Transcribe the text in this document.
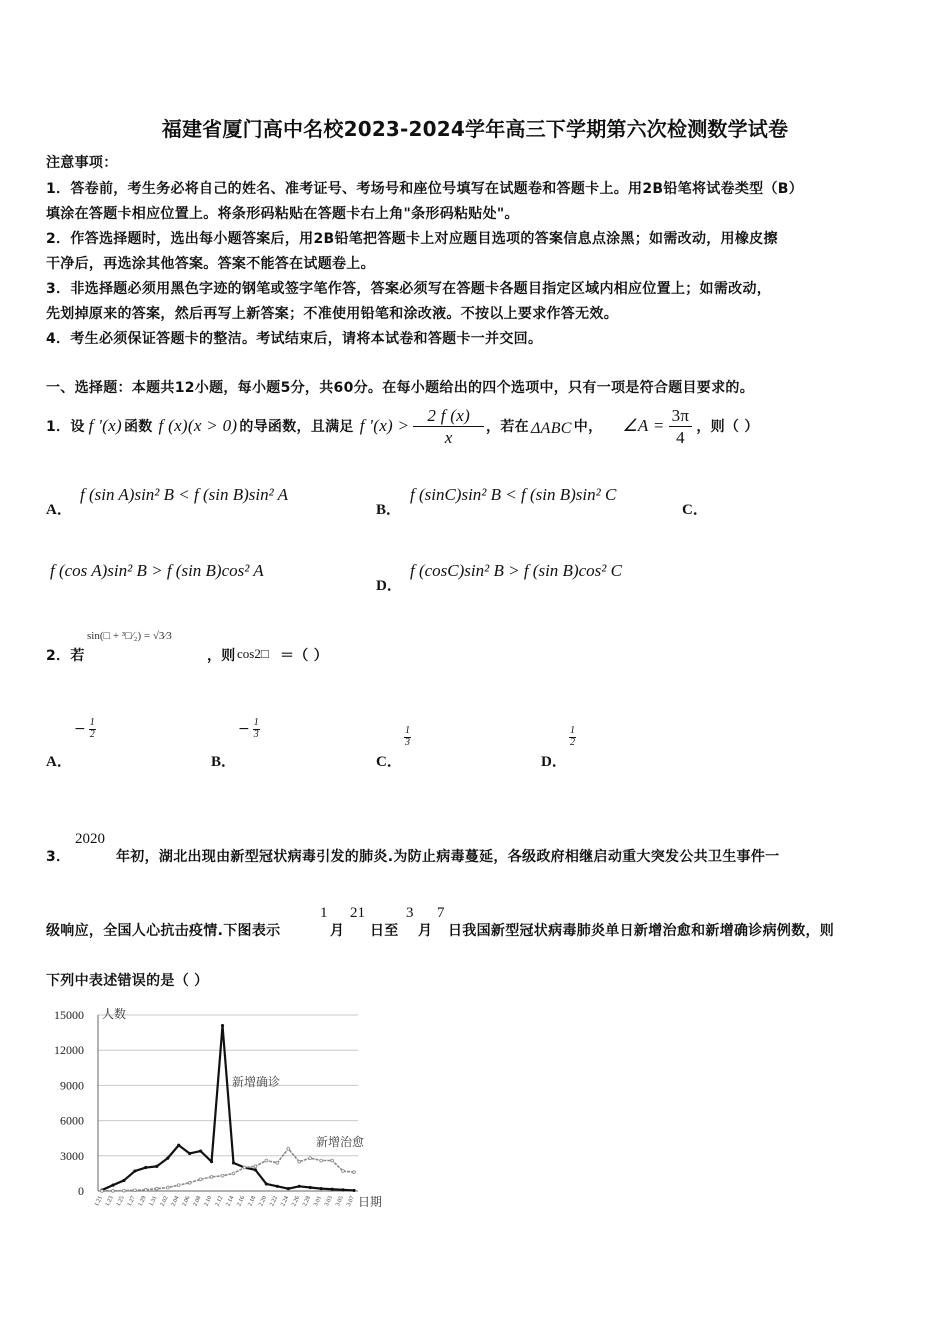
福建省厦门高中名校2023-2024学年高三下学期第六次检测数学试卷
注意事项：
1．答卷前，考生务必将自己的姓名、准考证号、考场号和座位号填写在试题卷和答题卡上。用2B铅笔将试卷类型（B）
填涂在答题卡相应位置上。将条形码粘贴在答题卡右上角"条形码粘贴处"。
2．作答选择题时，选出每小题答案后，用2B铅笔把答题卡上对应题目选项的答案信息点涂黑；如需改动，用橡皮擦
干净后，再选涂其他答案。答案不能答在试题卷上。
3．非选择题必须用黑色字迹的钢笔或签字笔作答，答案必须写在答题卡各题目指定区域内相应位置上；如需改动，
先划掉原来的答案，然后再写上新答案；不准使用铅笔和涂改液。不按以上要求作答无效。
4．考生必须保证答题卡的整洁。考试结束后，请将本试卷和答题卡一并交回。
一、选择题：本题共12小题，每小题5分，共60分。在每小题给出的四个选项中，只有一项是符合题目要求的。
1．设 f '(x) 函数 f (x)(x > 0) 的导函数，且满足 f '$(x) > \frac{2 f (x)}{x}$ ，若在 ΔABC 中， ∠A = $\frac{3\pi}{4}$ ，则（ ）
A．
f (sin A)sin² B < f (sin B)sin² A
B．
f (sinC)sin² B < f (sin B)sin² C
C．
f (cos A)sin² B > f (sin B)cos² A
D．
f (cosC)sin² B > f (sin B)cos² C
2．若
sin(□ + ³□⁄₂) = √3⁄3
，则 cos2□ ＝（ ）
− $\frac{1}{2}$
A．
− $\frac{1}{3}$
B．
$\frac{1}{3}$
C．
$\frac{1}{2}$
D．
3．
2020
年初，湖北出现由新型冠状病毒引发的肺炎.为防止病毒蔓延，各级政府相继启动重大突发公共卫生事件一
级响应，全国人心抗击疫情.下图表示
1
月
21
日至
3
月
7
日我国新型冠状病毒肺炎单日新增治愈和新增确诊病例数，则
下列中表述错误的是（ ）
15000
12000
9000
6000
3000
0
1.21 1.23 1.25 1.27 1.29 1.31 2.02 2.04 2.06 2.08 2.10 2.12 2.14 2.16 2.18 2.20 2.22 2.24 2.26 2.28 3.01 3.03 3.05 3.07
人数
日期
新增确诊
新增治愈
